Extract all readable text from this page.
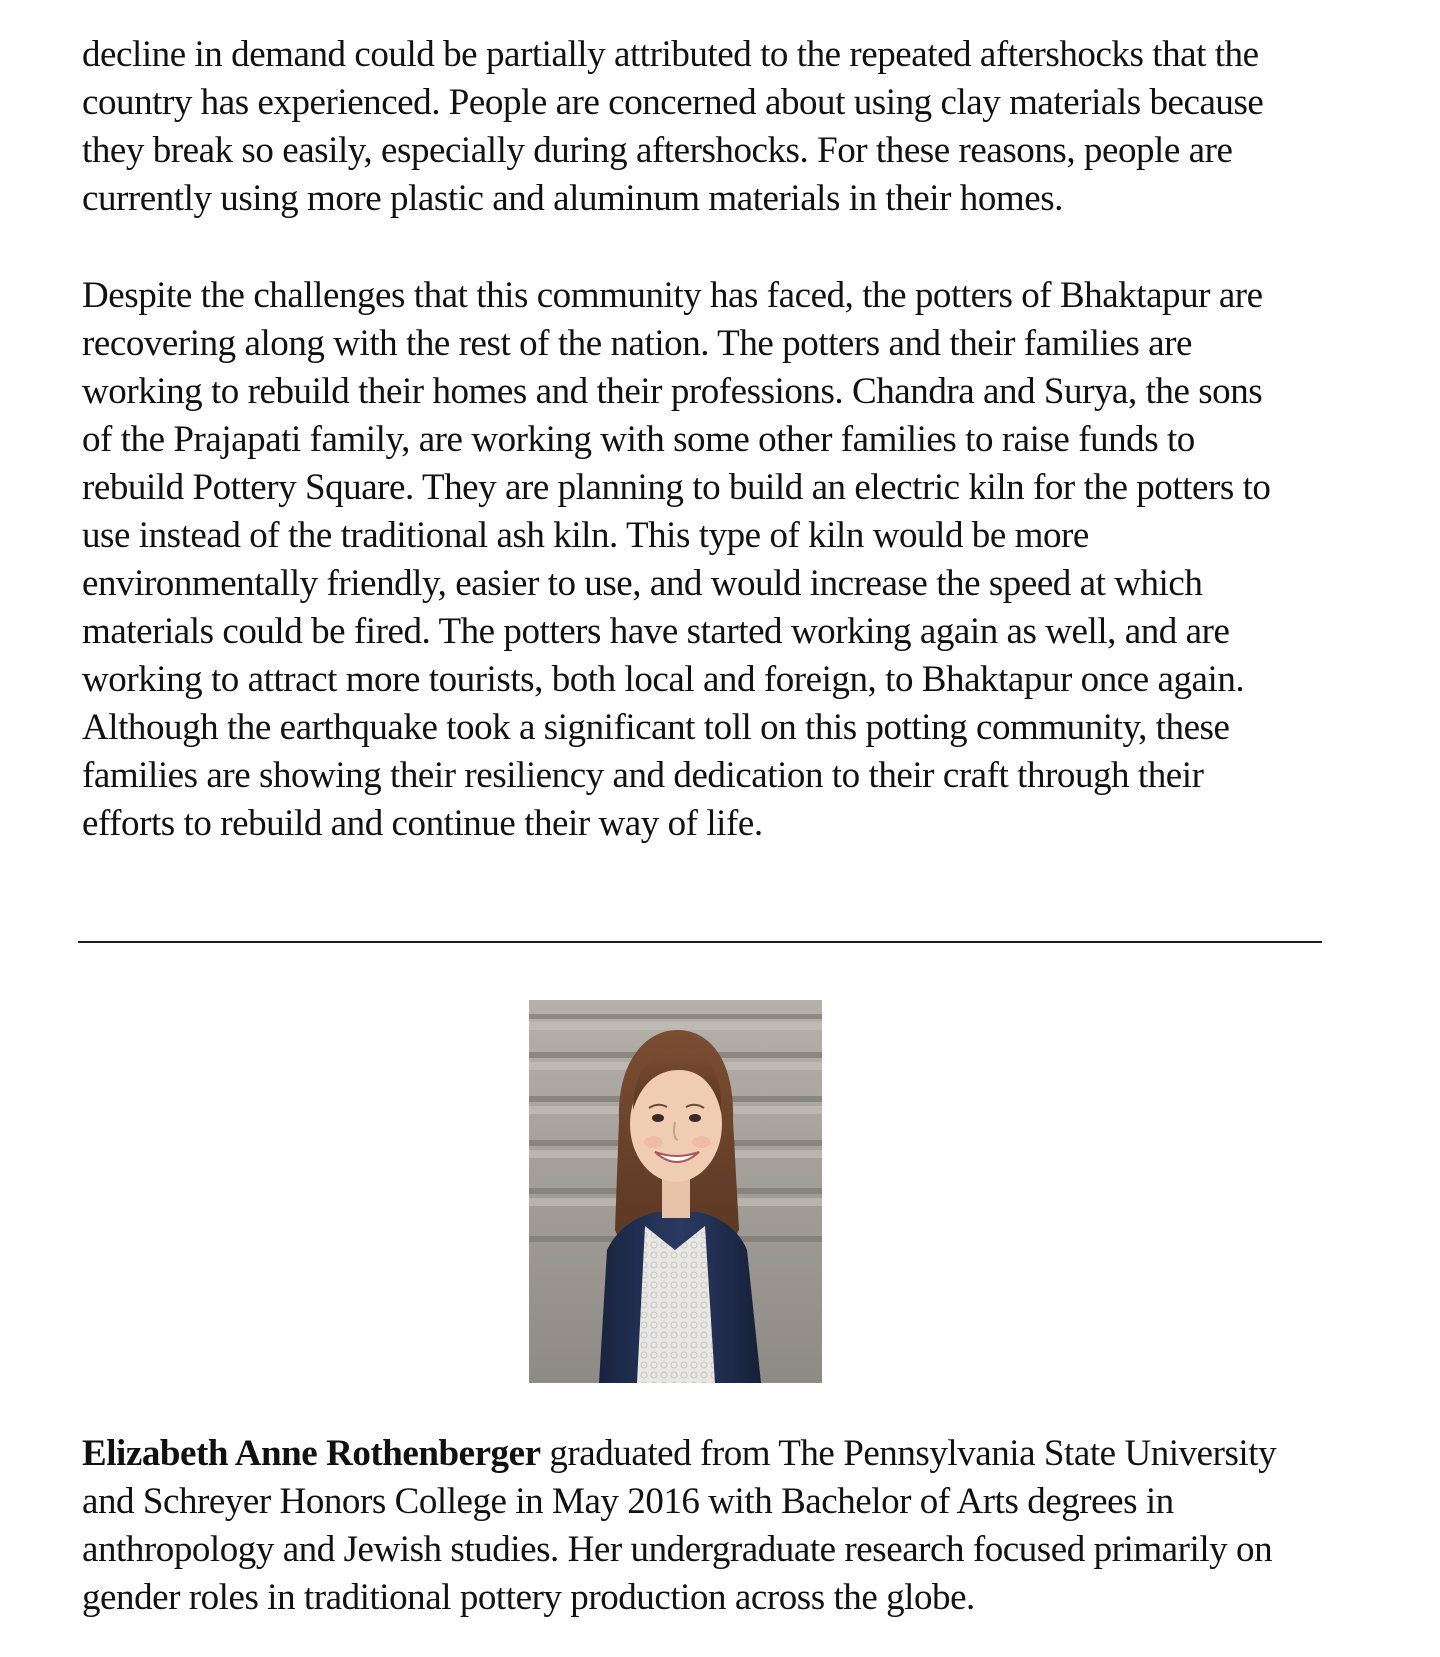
decline in demand could be partially attributed to the repeated aftershocks that the
country has experienced. People are concerned about using clay materials because
they break so easily, especially during aftershocks. For these reasons, people are
currently using more plastic and aluminum materials in their homes.

Despite the challenges that this community has faced, the potters of Bhaktapur are
recovering along with the rest of the nation. The potters and their families are
working to rebuild their homes and their professions. Chandra and Surya, the sons
of the Prajapati family, are working with some other families to raise funds to
rebuild Pottery Square. They are planning to build an electric kiln for the potters to
use instead of the traditional ash kiln. This type of kiln would be more
environmentally friendly, easier to use, and would increase the speed at which
materials could be fired. The potters have started working again as well, and are
working to attract more tourists, both local and foreign, to Bhaktapur once again.
Although the earthquake took a significant toll on this potting community, these
families are showing their resiliency and dedication to their craft through their
efforts to rebuild and continue their way of life.

Elizabeth Anne Rothenberger graduated from The Pennsylvania State University
and Schreyer Honors College in May 2016 with Bachelor of Arts degrees in
anthropology and Jewish studies. Her undergraduate research focused primarily on
gender roles in traditional pottery production across the globe.
